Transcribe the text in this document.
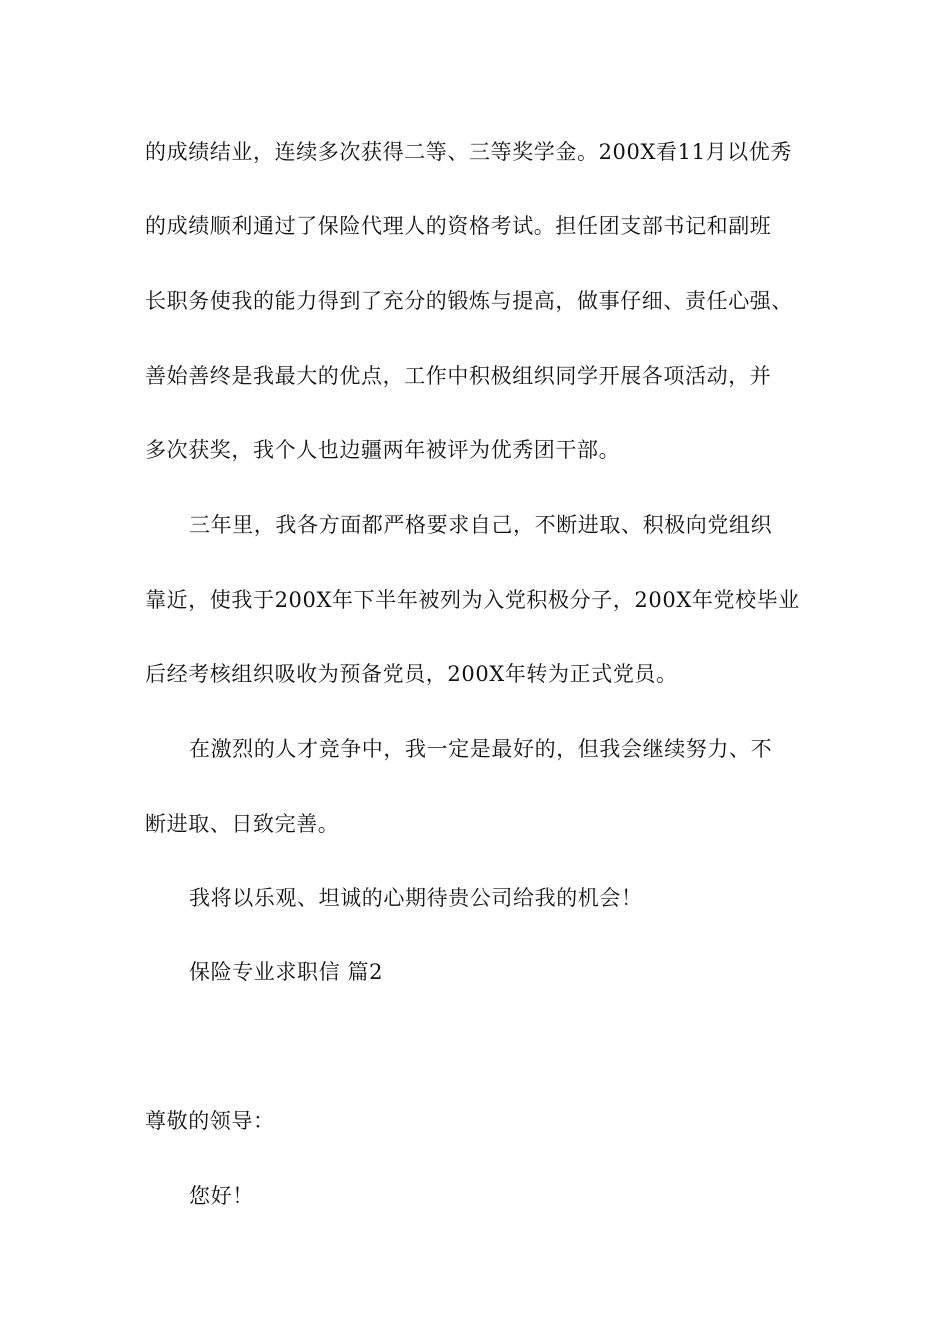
的成绩结业，连续多次获得二等、三等奖学金。200X看11月以优秀
的成绩顺利通过了保险代理人的资格考试。担任团支部书记和副班
长职务使我的能力得到了充分的锻炼与提高，做事仔细、责任心强、
善始善终是我最大的优点，工作中积极组织同学开展各项活动，并
多次获奖，我个人也边疆两年被评为优秀团干部。
三年里，我各方面都严格要求自己，不断进取、积极向党组织
靠近，使我于200X年下半年被列为入党积极分子，200X年党校毕业
后经考核组织吸收为预备党员，200X年转为正式党员。
在激烈的人才竞争中，我一定是最好的，但我会继续努力、不
断进取、日致完善。
我将以乐观、坦诚的心期待贵公司给我的机会！
保险专业求职信 篇2
尊敬的领导：
您好！
